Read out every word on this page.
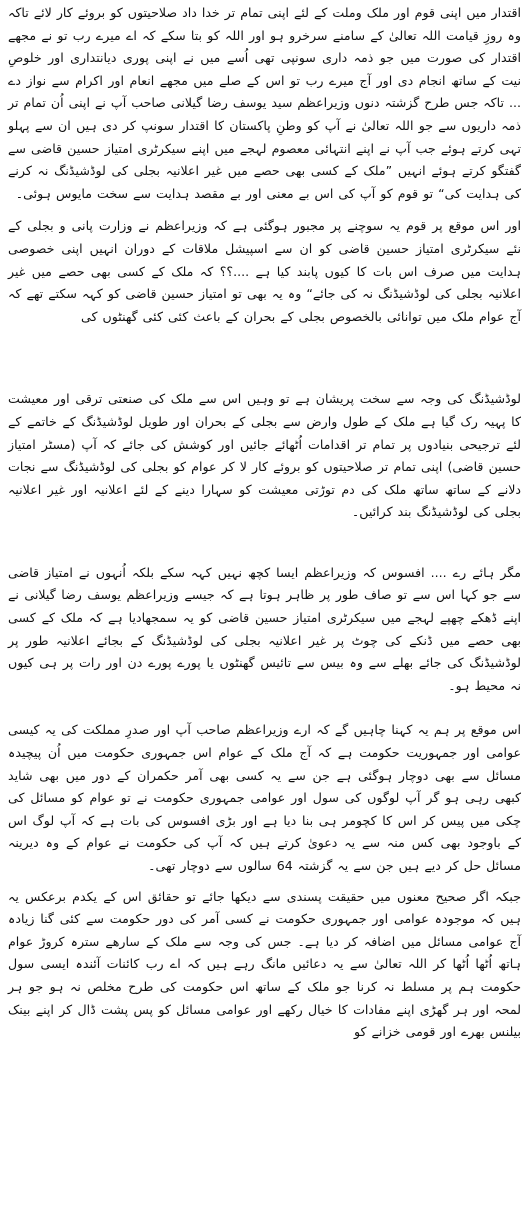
اقتدار میں اپنی قوم اور ملک وملت کے لئے اپنی تمام تر خدا داد صلاحیتوں کو بروئے کار لائے تاکہ وہ روزِ قیامت اللہ تعالیٰ کے سامنے سرخرو ہو اور اللہ کو بتا سکے کہ اے میرے رب تو نے مجھے اقتدار کی صورت میں جو ذمہ داری سونپی تھی اُسے میں نے اپنی پوری دیانتداری اور خلوصِ نیت کے ساتھ انجام دی اور آج میرے رب تو اس کے صلے میں مجھے انعام اور اکرام سے نواز دے ... تاکہ جس طرح گزشتہ دنوں وزیراعظم سید یوسف رضا گیلانی صاحب آپ نے اپنی اُن تمام تر ذمہ داریوں سے جو اللہ تعالیٰ نے آپ کو وطنِ پاکستان کا اقتدار سونپ کر دی ہیں ان سے پہلو تہی کرتے ہوئے جب آپ نے اپنے انتہائی معصوم لہجے میں اپنے سیکرٹری امتیاز حسین قاضی سے گفتگو کرتے ہوئے انہیں ”ملک کے کسی بھی حصے میں غیر اعلانیہ بجلی کی لوڈشیڈنگ نہ کرنے کی ہدایت کی“ تو قوم کو آپ کی اس بے معنی اور بے مقصد ہدایت سے سخت مایوس ہوئی۔

اور اس موقع پر قوم یہ سوچنے پر مجبور ہوگئی ہے کہ وزیراعظم نے وزارت پانی و بجلی کے نئے سیکرٹری امتیاز حسین قاضی کو ان سے اسپیشل ملاقات کے دوران انہیں اپنی خصوصی ہدایت میں صرف اس بات کا کیوں پابند کیا ہے ....؟؟ کہ ملک کے کسی بھی حصے میں غیر اعلانیہ بجلی کی لوڈشیڈنگ نہ کی جائے“ وہ یہ بھی تو امتیاز حسین قاضی کو کہہ سکتے تھے کہ آج عوام ملک میں توانائی بالخصوص بجلی کے بحران کے باعث کئی کئی گھنٹوں کی

لوڈشیڈنگ کی وجہ سے سخت پریشان ہے تو وہیں اس سے ملک کی صنعتی ترقی اور معیشت کا پہیہ رک گیا ہے ملک کے طول وارض سے بجلی کے بحران اور طویل لوڈشیڈنگ کے خاتمے کے لئے ترجیحی بنیادوں پر تمام تر اقدامات اُٹھائے جائیں اور کوشش کی جائے کہ آپ (مسٹر امتیاز حسین قاضی) اپنی تمام تر صلاحیتوں کو بروئے کار لا کر عوام کو بجلی کی لوڈشیڈنگ سے نجات دلانے کے ساتھ ساتھ ملک کی دم توڑتی معیشت کو سہارا دینے کے لئے اعلانیہ اور غیر اعلانیہ بجلی کی لوڈشیڈنگ بند کرائیں۔

مگر ہائے رے .... افسوس کہ وزیراعظم ایسا کچھ نہیں کہہ سکے بلکہ اُنہوں نے امتیاز قاضی سے جو کہا اس سے تو صاف طور پر ظاہر ہوتا ہے کہ جیسے وزیراعظم یوسف رضا گیلانی نے اپنے ڈھکے چھپے لہجے میں سیکرٹری امتیاز حسین قاضی کو یہ سمجھادیا ہے کہ ملک کے کسی بھی حصے میں ڈنکے کی چوٹ پر غیر اعلانیہ بجلی کی لوڈشیڈنگ کے بجائے اعلانیہ طور پر لوڈشیڈنگ کی جائے بھلے سے وہ بیس سے تائیس گھنٹوں یا پورے پورے دن اور رات پر ہی کیوں نہ محیط ہو۔

اس موقع پر ہم یہ کہنا چاہیں گے کہ ارے وزیراعظم صاحب آپ اور صدرِ مملکت کی یہ کیسی عوامی اور جمہوریت حکومت ہے کہ آج ملک کے عوام اس جمہوری حکومت میں اُن پیچیدہ مسائل سے بھی دوچار ہوگئی ہے جن سے یہ کسی بھی آمر حکمران کے دور میں بھی شاید کبھی رہی ہو گر آپ لوگوں کی سول اور عوامی جمہوری حکومت نے تو عوام کو مسائل کی چکی میں پیس کر اس کا کچومر ہی بنا دیا ہے اور بڑی افسوس کی بات ہے کہ آپ لوگ اس کے باوجود بھی کس منہ سے یہ دعویٰ کرتے ہیں کہ آپ کی حکومت نے عوام کے وہ دیرینہ مسائل حل کر دیے ہیں جن سے یہ گزشتہ 64 سالوں سے دوچار تھی۔

جبکہ اگر صحیح معنوں میں حقیقت پسندی سے دیکھا جائے تو حقائق اس کے یکدم برعکس یہ ہیں کہ موجودہ عوامی اور جمہوری حکومت نے کسی آمر کی دور حکومت سے کئی گنا زیادہ آج عوامی مسائل میں اضافہ کر دیا ہے۔ جس کی وجہ سے ملک کے سارھے سترہ کروڑ عوام ہاتھ اُٹھا اُٹھا کر اللہ تعالیٰ سے یہ دعائیں مانگ رہے ہیں کہ اے رب کائنات آئندہ ایسی سول حکومت ہم پر مسلط نہ کرنا جو ملک کے ساتھ اس حکومت کی طرح مخلص نہ ہو جو ہر لمحہ اور ہر گھڑی اپنے مفادات کا خیال رکھے اور عوامی مسائل کو پس پشت ڈال کر اپنے بینک بیلنس بھرے اور قومی خزانے کو
